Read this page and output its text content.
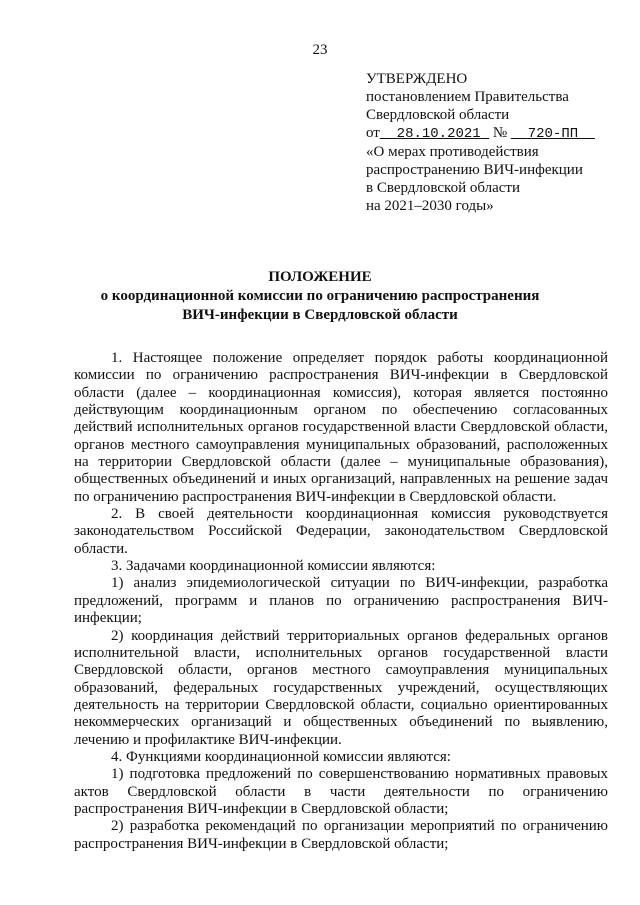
23
УТВЕРЖДЕНО
постановлением Правительства
Свердловской области
от 28.10.2021 № 720-ПП
«О мерах противодействия
распространению ВИЧ-инфекции
в Свердловской области
на 2021–2030 годы»
ПОЛОЖЕНИЕ
о координационной комиссии по ограничению распространения
ВИЧ-инфекции в Свердловской области

1. Настоящее положение определяет порядок работы координационной комиссии по ограничению распространения ВИЧ-инфекции в Свердловской области (далее – координационная комиссия), которая является постоянно действующим координационным органом по обеспечению согласованных действий исполнительных органов государственной власти Свердловской области, органов местного самоуправления муниципальных образований, расположенных на территории Свердловской области (далее – муниципальные образования), общественных объединений и иных организаций, направленных на решение задач по ограничению распространения ВИЧ-инфекции в Свердловской области.

2. В своей деятельности координационная комиссия руководствуется законодательством Российской Федерации, законодательством Свердловской области.

3. Задачами координационной комиссии являются:

1) анализ эпидемиологической ситуации по ВИЧ-инфекции, разработка предложений, программ и планов по ограничению распространения ВИЧ-инфекции;

2) координация действий территориальных органов федеральных органов исполнительной власти, исполнительных органов государственной власти Свердловской области, органов местного самоуправления муниципальных образований, федеральных государственных учреждений, осуществляющих деятельность на территории Свердловской области, социально ориентированных некоммерческих организаций и общественных объединений по выявлению, лечению и профилактике ВИЧ-инфекции.

4. Функциями координационной комиссии являются:

1) подготовка предложений по совершенствованию нормативных правовых актов Свердловской области в части деятельности по ограничению распространения ВИЧ-инфекции в Свердловской области;

2) разработка рекомендаций по организации мероприятий по ограничению распространения ВИЧ-инфекции в Свердловской области;
